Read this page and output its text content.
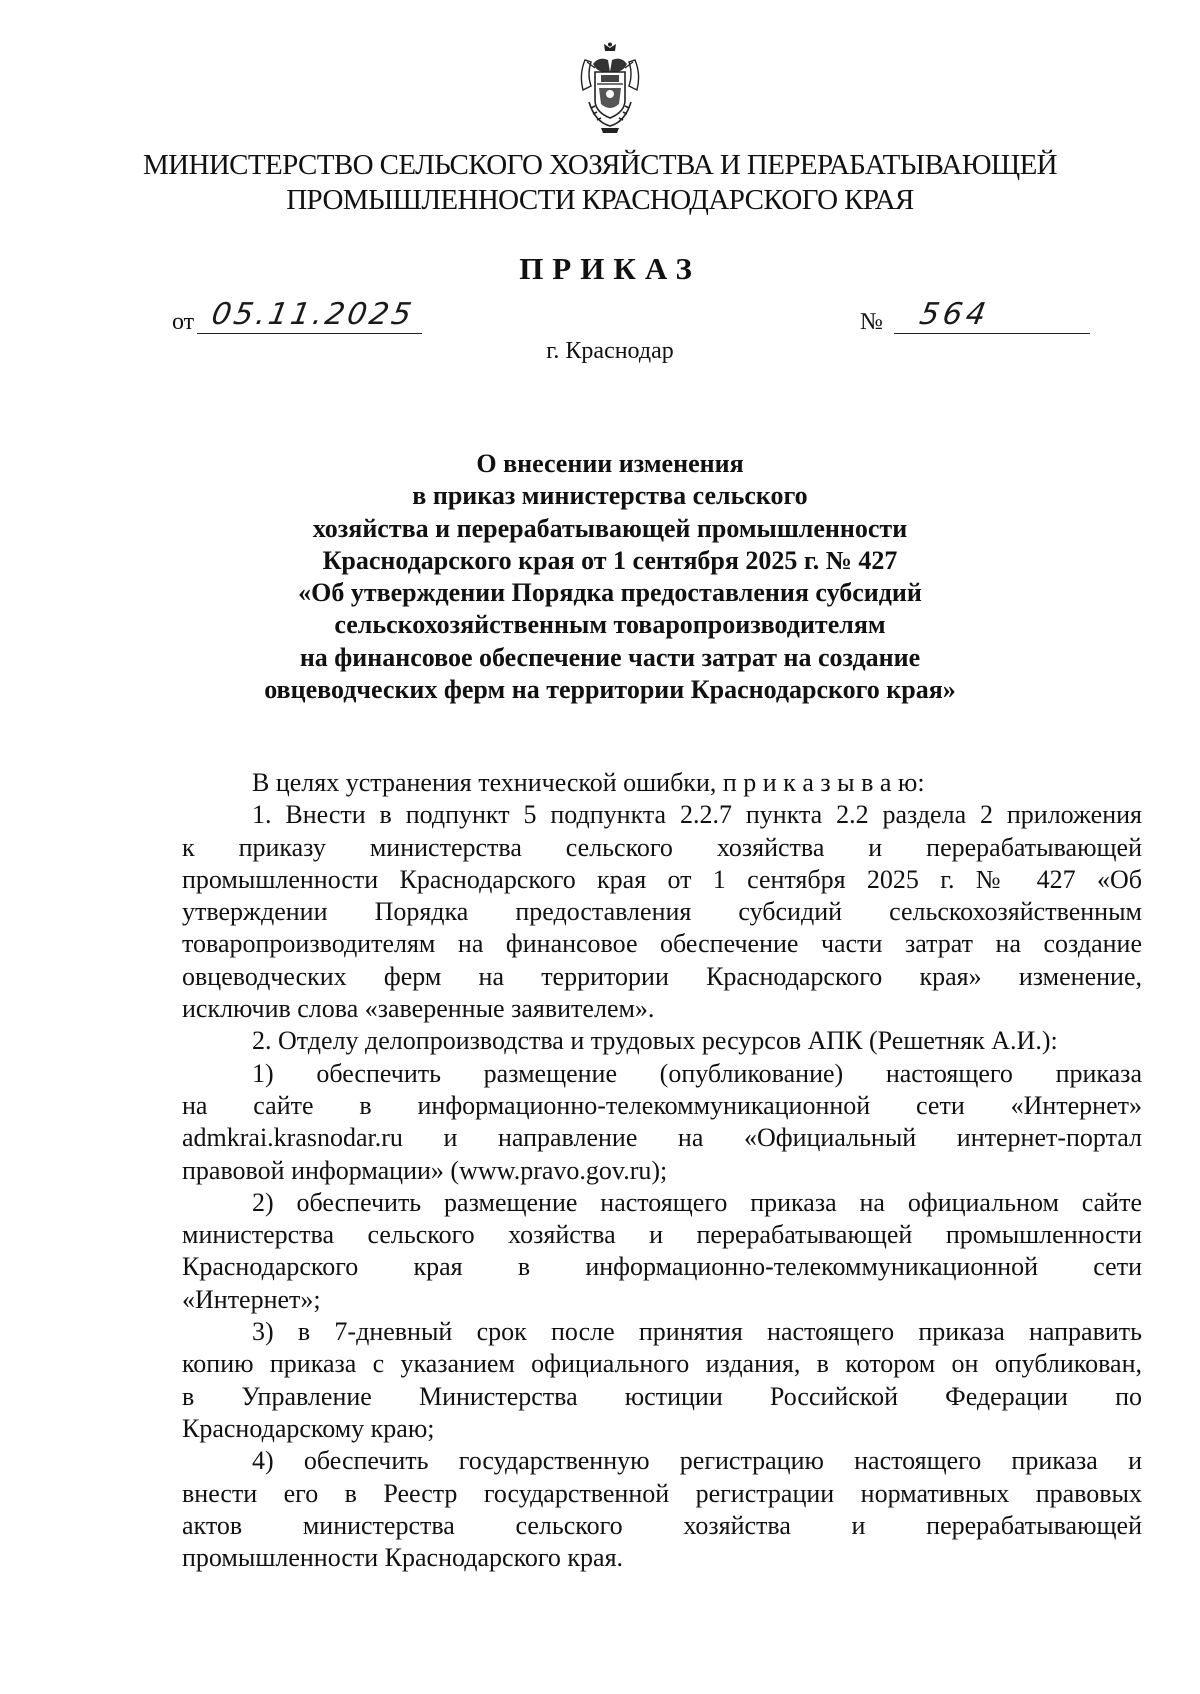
МИНИСТЕРСТВО СЕЛЬСКОГО ХОЗЯЙСТВА И ПЕРЕРАБАТЫВАЮЩЕЙ
ПРОМЫШЛЕННОСТИ КРАСНОДАРСКОГО КРАЯ
ПРИКАЗ
от 05.11.2025	№ 564
г. Краснодар
О внесении изменения
в приказ министерства сельского
хозяйства и перерабатывающей промышленности
Краснодарского края от 1 сентября 2025 г. № 427
«Об утверждении Порядка предоставления субсидий
сельскохозяйственным товаропроизводителям
на финансовое обеспечение части затрат на создание
овцеводческих ферм на территории Краснодарского края»
В целях устранения технической ошибки, п р и к а з ы в а ю:
1. Внести в подпункт 5 подпункта 2.2.7 пункта 2.2 раздела 2 приложения
к приказу министерства сельского хозяйства и перерабатывающей
промышленности Краснодарского края от 1 сентября 2025 г. № 427 «Об
утверждении Порядка предоставления субсидий сельскохозяйственным
товаропроизводителям на финансовое обеспечение части затрат на создание
овцеводческих ферм на территории Краснодарского края» изменение,
исключив слова «заверенные заявителем».
2. Отделу делопроизводства и трудовых ресурсов АПК (Решетняк А.И.):
1) обеспечить размещение (опубликование) настоящего приказа
на сайте в информационно-телекоммуникационной сети «Интернет»
admkrai.krasnodar.ru и направление на «Официальный интернет-портал
правовой информации» (www.pravo.gov.ru);
2) обеспечить размещение настоящего приказа на официальном сайте
министерства сельского хозяйства и перерабатывающей промышленности
Краснодарского края в информационно-телекоммуникационной сети
«Интернет»;
3) в 7-дневный срок после принятия настоящего приказа направить
копию приказа с указанием официального издания, в котором он опубликован,
в Управление Министерства юстиции Российской Федерации по
Краснодарскому краю;
4) обеспечить государственную регистрацию настоящего приказа и
внести его в Реестр государственной регистрации нормативных правовых
актов министерства сельского хозяйства и перерабатывающей
промышленности Краснодарского края.
